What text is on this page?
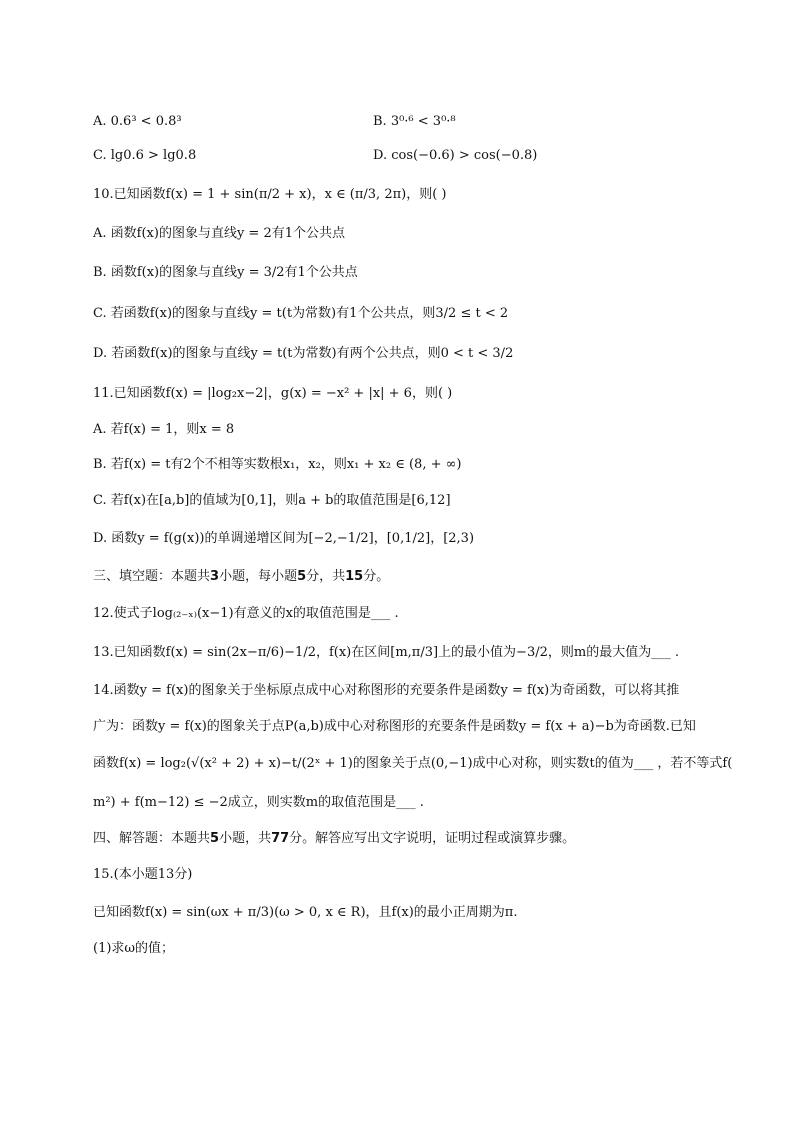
A. 0.6³ < 0.8³	B. 3⁰·⁶ < 3⁰·⁸
C. lg0.6 > lg0.8	D. cos(−0.6) > cos(−0.8)
10.已知函数f(x) = 1 + sin(π/2 + x)，x ∈ (π/3, 2π)，则( )
A. 函数f(x)的图象与直线y = 2有1个公共点
B. 函数f(x)的图象与直线y = 3/2有1个公共点
C. 若函数f(x)的图象与直线y = t(t为常数)有1个公共点，则3/2 ≤ t < 2
D. 若函数f(x)的图象与直线y = t(t为常数)有两个公共点，则0 < t < 3/2
11.已知函数f(x) = |log₂x−2|，g(x) = −x² + |x| + 6，则( )
A. 若f(x) = 1，则x = 8
B. 若f(x) = t有2个不相等实数根x₁，x₂，则x₁ + x₂ ∈ (8, + ∞)
C. 若f(x)在[a,b]的值域为[0,1]，则a + b的取值范围是[6,12]
D. 函数y = f(g(x))的单调递增区间为[−2,−1/2]，[0,1/2]，[2,3)
三、填空题：本题共3小题，每小题5分，共15分。
12.使式子log₍₂₋ₓ₎(x−1)有意义的x的取值范围是___ .
13.已知函数f(x) = sin(2x−π/6)−1/2，f(x)在区间[m,π/3]上的最小值为−3/2，则m的最大值为___ .
14.函数y = f(x)的图象关于坐标原点成中心对称图形的充要条件是函数y = f(x)为奇函数，可以将其推
广为：函数y = f(x)的图象关于点P(a,b)成中心对称图形的充要条件是函数y = f(x + a)−b为奇函数.已知
函数f(x) = log₂(√(x² + 2) + x)−t/(2ˣ + 1)的图象关于点(0,−1)成中心对称，则实数t的值为___ ，若不等式f(
m²) + f(m−12) ≤ −2成立，则实数m的取值范围是___ .
四、解答题：本题共5小题，共77分。解答应写出文字说明，证明过程或演算步骤。
15.(本小题13分)
已知函数f(x) = sin(ωx + π/3)(ω > 0, x ∈ R)，且f(x)的最小正周期为π.
(1)求ω的值；
